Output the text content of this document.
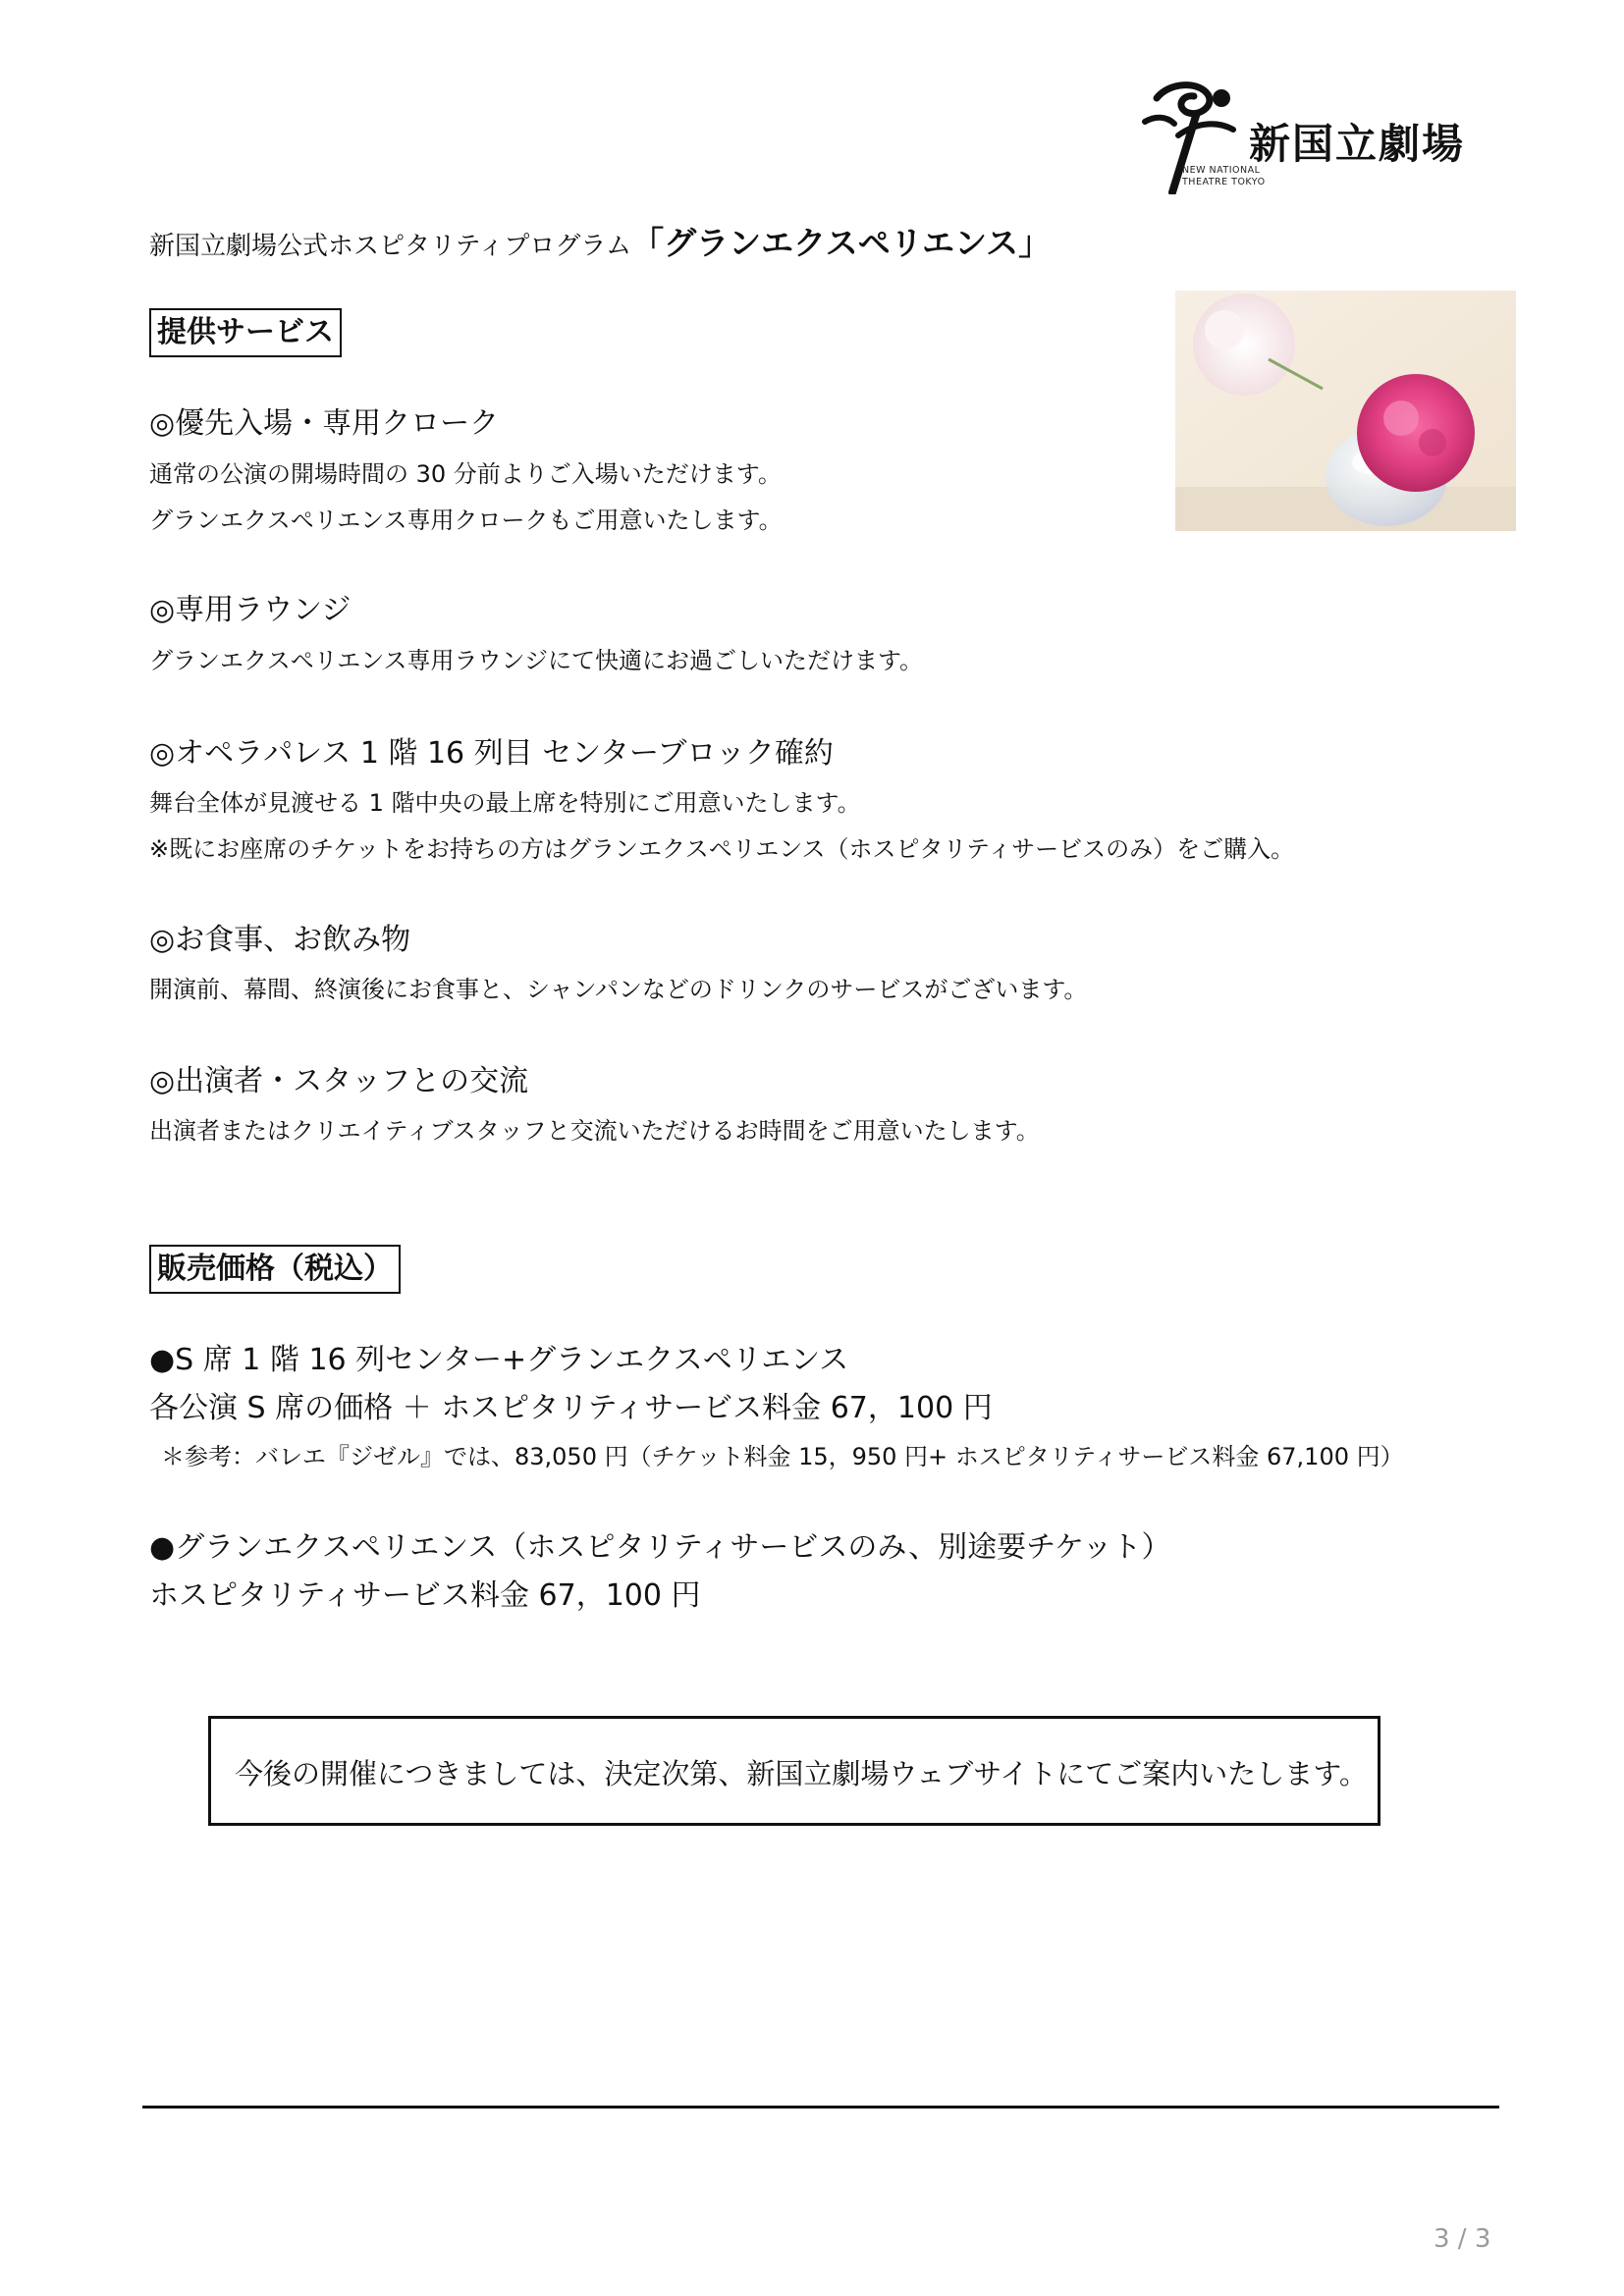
新国立劇場
NEW NATIONAL THEATRE TOKYO
新国立劇場公式ホスピタリティプログラム「グランエクスペリエンス」
提供サービス
◎優先入場・専用クローク
通常の公演の開場時間の 30 分前よりご入場いただけます。
グランエクスペリエンス専用クロークもご用意いたします。
◎専用ラウンジ
グランエクスペリエンス専用ラウンジにて快適にお過ごしいただけます。
◎オペラパレス 1 階 16 列目 センターブロック確約
舞台全体が見渡せる 1 階中央の最上席を特別にご用意いたします。
※既にお座席のチケットをお持ちの方はグランエクスペリエンス（ホスピタリティサービスのみ）をご購入。
◎お食事、お飲み物
開演前、幕間、終演後にお食事と、シャンパンなどのドリンクのサービスがございます。
◎出演者・スタッフとの交流
出演者またはクリエイティブスタッフと交流いただけるお時間をご用意いたします。
販売価格（税込）
●S 席 1 階 16 列センター+グランエクスペリエンス
各公演 S 席の価格 ＋ ホスピタリティサービス料金 67，100 円
＊参考：バレエ『ジゼル』では、83,050 円（チケット料金 15，950 円+ ホスピタリティサービス料金 67,100 円）
●グランエクスペリエンス（ホスピタリティサービスのみ、別途要チケット）
ホスピタリティサービス料金 67，100 円
今後の開催につきましては、決定次第、新国立劇場ウェブサイトにてご案内いたします。
3 / 3
